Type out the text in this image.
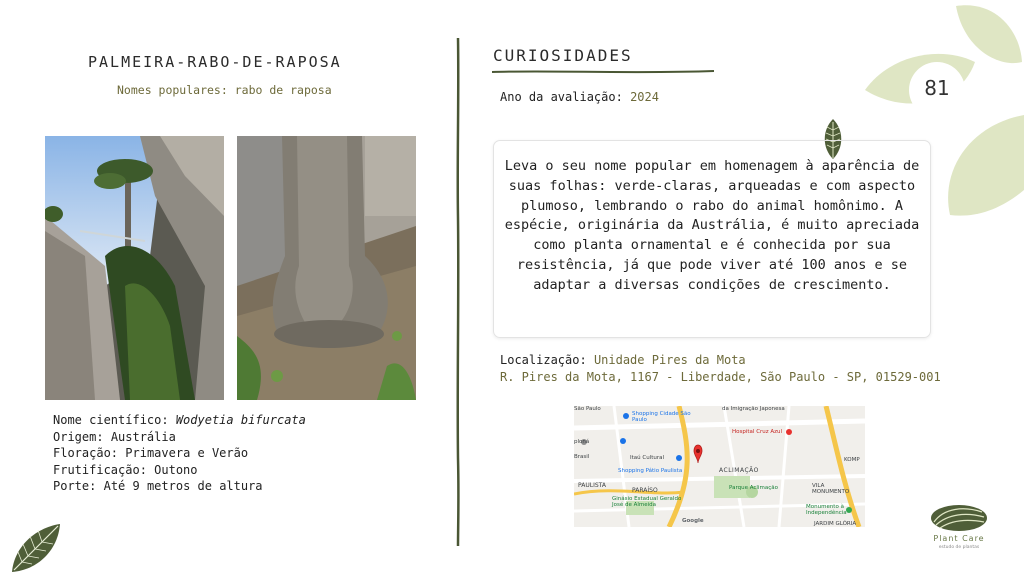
81
PALMEIRA-RABO-DE-RAPOSA
Nomes populares: rabo de raposa
Nome científico: Wodyetia bifurcata
Origem: Austrália
Floração: Primavera e Verão
Frutificação: Outono
Porte: Até 9 metros de altura
CURIOSIDADES
Ano da avaliação: 2024
Leva o seu nome popular em homenagem à aparência de suas folhas: verde-claras, arqueadas e com aspecto plumoso, lembrando o rabo do animal homônimo. A espécie, originária da Austrália, é muito apreciada como planta ornamental e é conhecida por sua resistência, já que pode viver até 100 anos e se adaptar a diversas condições de crescimento.
Localização: Unidade Pires da Mota
R. Pires da Mota, 1167 - Liberdade, São Paulo - SP, 01529-001
São Paulo
Shopping Cidade São Paulo
da Imigração Japonesa
Hospital Cruz Azul
Itaú Cultural
Shopping Pátio Paulista	ACLIMAÇÃO
PAULISTA
PARAÍSO	Parque Aclimação	VILA MONUMENTO
Ginásio Estadual Geraldo José de Almeida	Monumento à Independência
KOMP
Google
ploná
Brasil
JARDIM GLÓRIA
Plant Care
estudo de plantas
